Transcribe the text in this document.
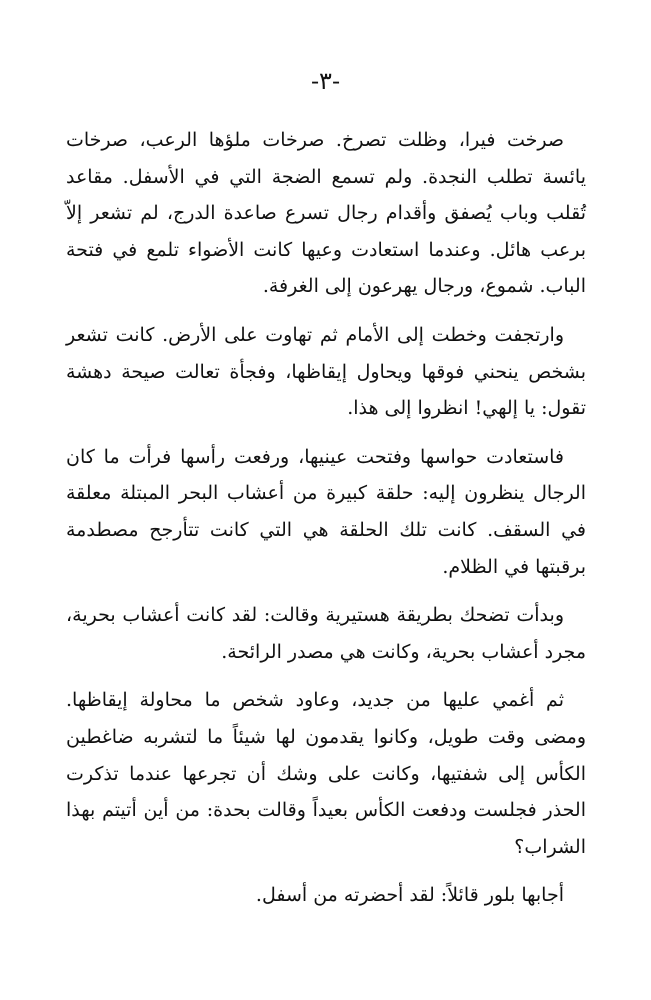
-٣-

صرخت فيرا، وظلت تصرخ. صرخات ملؤها الرعب، صرخات يائسة تطلب النجدة. ولم تسمع الضجة التي في الأسفل. مقاعد تُقلب وباب يُصفق وأقدام رجال تسرع صاعدة الدرج، لم تشعر إلاّ برعب هائل. وعندما استعادت وعيها كانت الأضواء تلمع في فتحة الباب. شموع، ورجال يهرعون إلى الغرفة.

وارتجفت وخطت إلى الأمام ثم تهاوت على الأرض. كانت تشعر بشخص ينحني فوقها ويحاول إيقاظها، وفجأة تعالت صيحة دهشة تقول: يا إلهي! انظروا إلى هذا.

فاستعادت حواسها وفتحت عينيها، ورفعت رأسها فرأت ما كان الرجال ينظرون إليه: حلقة كبيرة من أعشاب البحر المبتلة معلقة في السقف. كانت تلك الحلقة هي التي كانت تتأرجح مصطدمة برقبتها في الظلام.

وبدأت تضحك بطريقة هستيرية وقالت: لقد كانت أعشاب بحرية، مجرد أعشاب بحرية، وكانت هي مصدر الرائحة.

ثم أغمي عليها من جديد، وعاود شخص ما محاولة إيقاظها. ومضى وقت طويل، وكانوا يقدمون لها شيئاً ما لتشربه ضاغطين الكأس إلى شفتيها، وكانت على وشك أن تجرعها عندما تذكرت الحذر فجلست ودفعت الكأس بعيداً وقالت بحدة: من أين أتيتم بهذا الشراب؟

أجابها بلور قائلاً: لقد أحضرته من أسفل.
